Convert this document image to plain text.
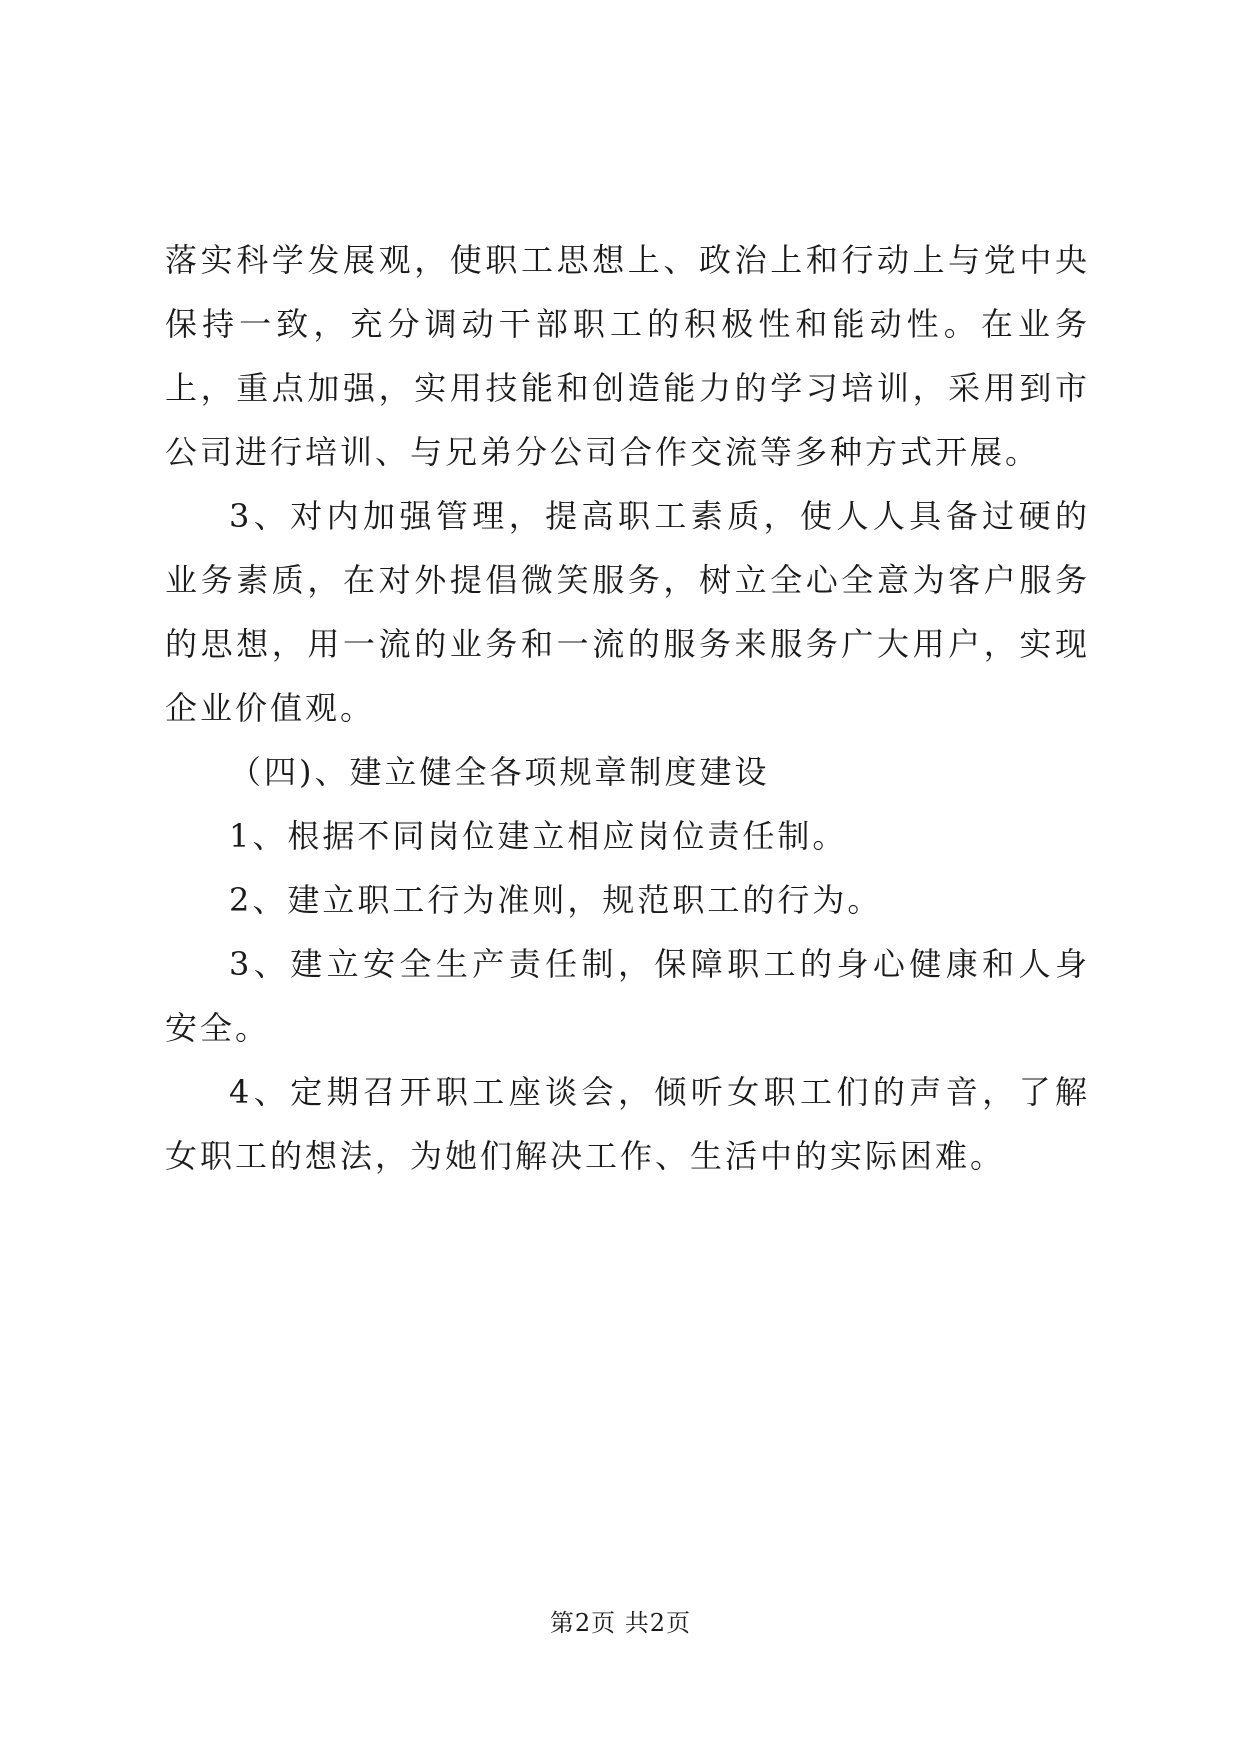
落实科学发展观，使职工思想上、政治上和行动上与党中央保持一致，充分调动干部职工的积极性和能动性。在业务上，重点加强，实用技能和创造能力的学习培训，采用到市公司进行培训、与兄弟分公司合作交流等多种方式开展。

3、对内加强管理，提高职工素质，使人人具备过硬的业务素质，在对外提倡微笑服务，树立全心全意为客户服务的思想，用一流的业务和一流的服务来服务广大用户，实现企业价值观。

（四)、建立健全各项规章制度建设

1、根据不同岗位建立相应岗位责任制。

2、建立职工行为准则，规范职工的行为。

3、建立安全生产责任制，保障职工的身心健康和人身安全。

4、定期召开职工座谈会，倾听女职工们的声音，了解女职工的想法，为她们解决工作、生活中的实际困难。

第2页 共2页
